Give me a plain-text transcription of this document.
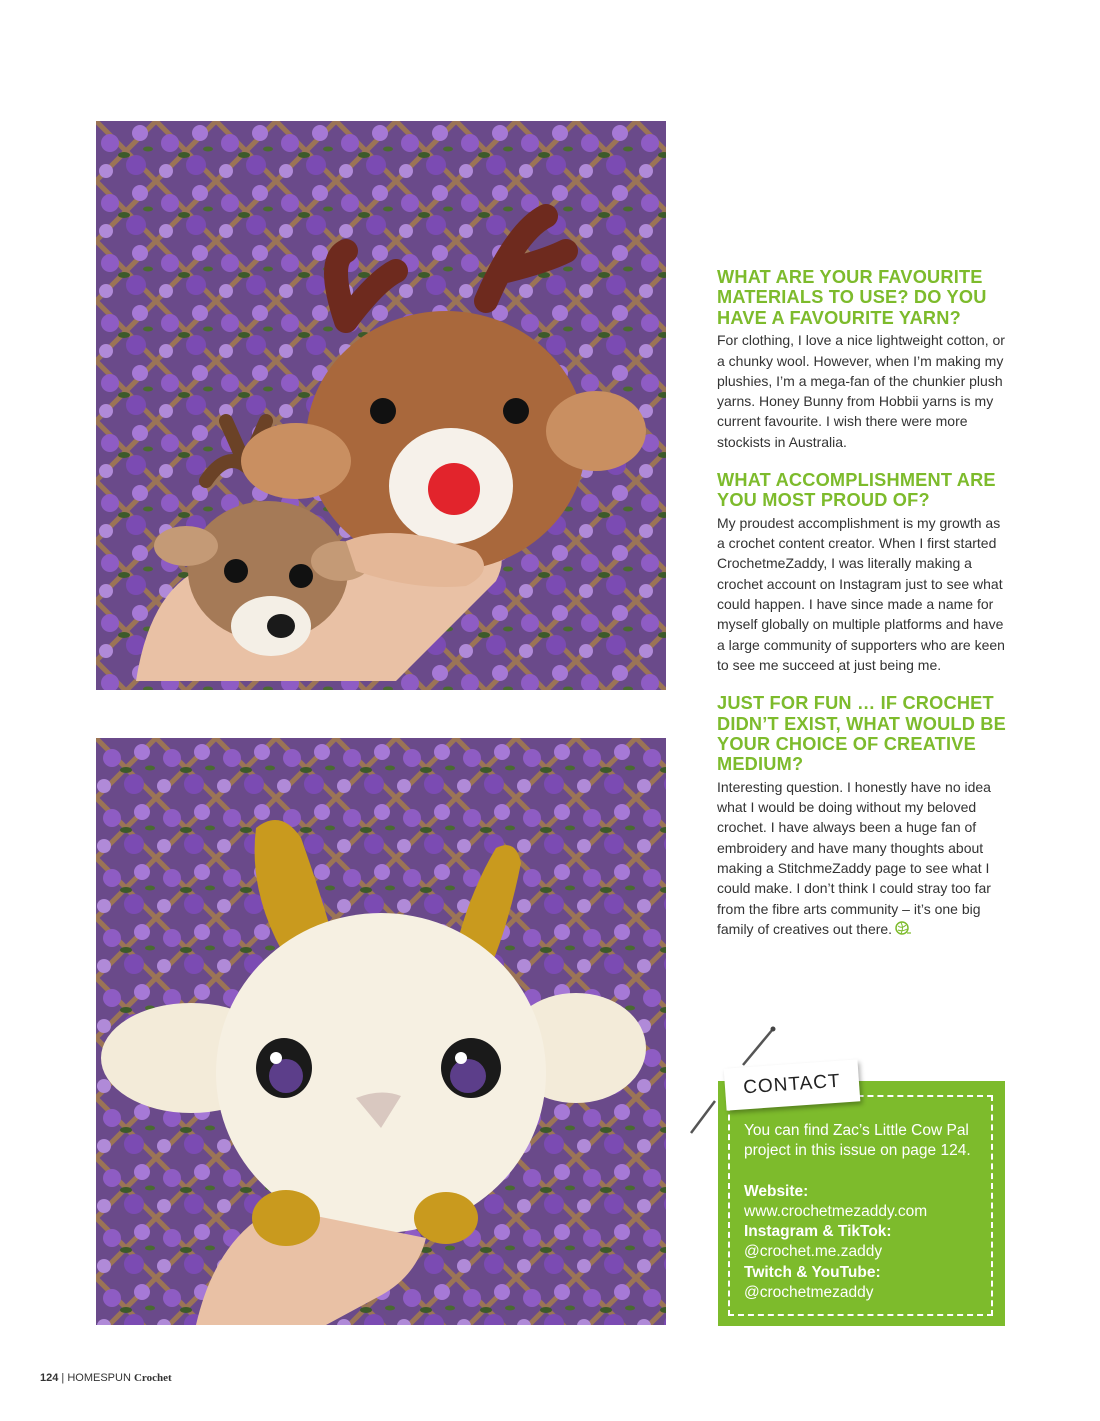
WHAT ARE YOUR FAVOURITE MATERIALS TO USE? DO YOU HAVE A FAVOURITE YARN?

For clothing, I love a nice lightweight cotton, or a chunky wool. However, when I’m making my plushies, I’m a mega-fan of the chunkier plush yarns. Honey Bunny from Hobbii yarns is my current favourite. I wish there were more stockists in Australia.

WHAT ACCOMPLISHMENT ARE YOU MOST PROUD OF?

My proudest accomplishment is my growth as a crochet content creator. When I first started CrochetmeZaddy, I was literally making a crochet account on Instagram just to see what could happen. I have since made a name for myself globally on multiple platforms and have a large community of supporters who are keen to see me succeed at just being me.

JUST FOR FUN … IF CROCHET DIDN’T EXIST, WHAT WOULD BE YOUR CHOICE OF CREATIVE MEDIUM?

Interesting question. I honestly have no idea what I would be doing without my beloved crochet. I have always been a huge fan of embroidery and have many thoughts about making a StitchmeZaddy page to see what I could make. I don’t think I could stray too far from the fibre arts community – it’s one big family of creatives out there.

You can find Zac’s Little Cow Pal project in this issue on page 124.

Website:

www.crochetmezaddy.com

Instagram & TikTok:

@crochet.me.zaddy

Twitch & YouTube:

@crochetmezaddy

CONTACT
124 | HOMESPUN Crochet
